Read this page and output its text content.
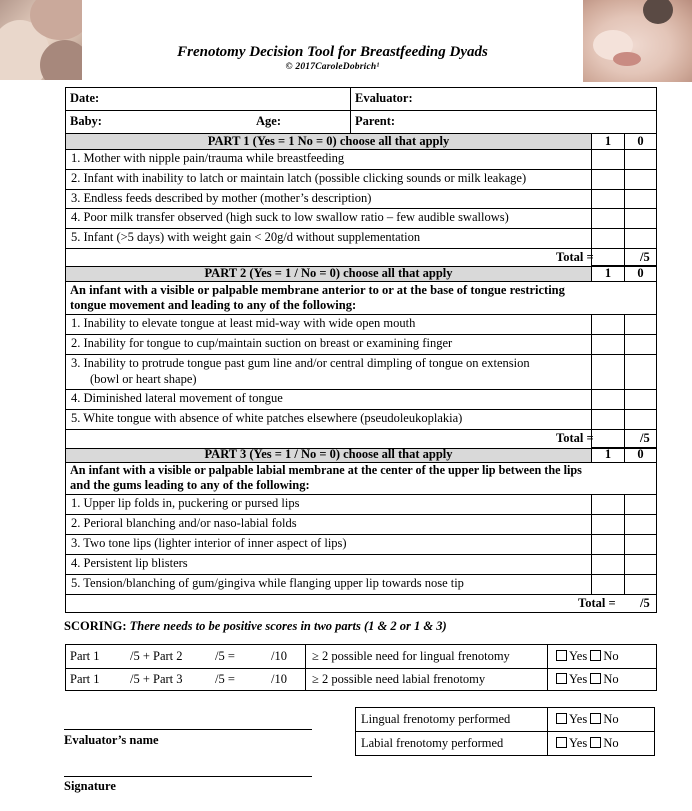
Frenotomy Decision Tool for Breastfeeding Dyads
© 2017CaroleDobrich¹
Date:	Evaluator:
Baby:	Age:	Parent:
PART 1 (Yes = 1 No = 0) choose all that apply	1	0
1. Mother with nipple pain/trauma while breastfeeding
2. Infant with inability to latch or maintain latch (possible clicking sounds or milk leakage)
3. Endless feeds described by mother (mother’s description)
4. Poor milk transfer observed (high suck to low swallow ratio – few audible swallows)
5. Infant (>5 days) with weight gain < 20g/d without supplementation
Total =	/5
PART 2 (Yes = 1 / No = 0) choose all that apply	1	0
An infant with a visible or palpable membrane anterior to or at the base of tongue restricting
tongue movement and leading to any of the following:
1. Inability to elevate tongue at least mid-way with wide open mouth
2. Inability for tongue to cup/maintain suction on breast or examining finger
3. Inability to protrude tongue past gum line and/or central dimpling of tongue on extension
(bowl or heart shape)
4. Diminished lateral movement of tongue
5. White tongue with absence of white patches elsewhere (pseudoleukoplakia)
Total =	/5
PART 3 (Yes = 1 / No = 0) choose all that apply	1	0
An infant with a visible or palpable labial membrane at the center of the upper lip between the lips
and the gums leading to any of the following:
1. Upper lip folds in, puckering or pursed lips
2. Perioral blanching and/or naso-labial folds
3. Two tone lips (lighter interior of inner aspect of lips)
4. Persistent lip blisters
5. Tension/blanching of gum/gingiva while flanging upper lip towards nose tip
Total = /5
SCORING: There needs to be positive scores in two parts (1 & 2 or 1 & 3)
Part 1 /5 + Part 2	/5 =	/10 ≥ 2 possible need for lingual frenotomy	Yes No
Part 1 /5 + Part 3	/5 =	/10 ≥ 2 possible need labial frenotomy	Yes No
Lingual frenotomy performed	Yes No
Labial frenotomy performed	Yes No
Evaluator’s name
Signature
